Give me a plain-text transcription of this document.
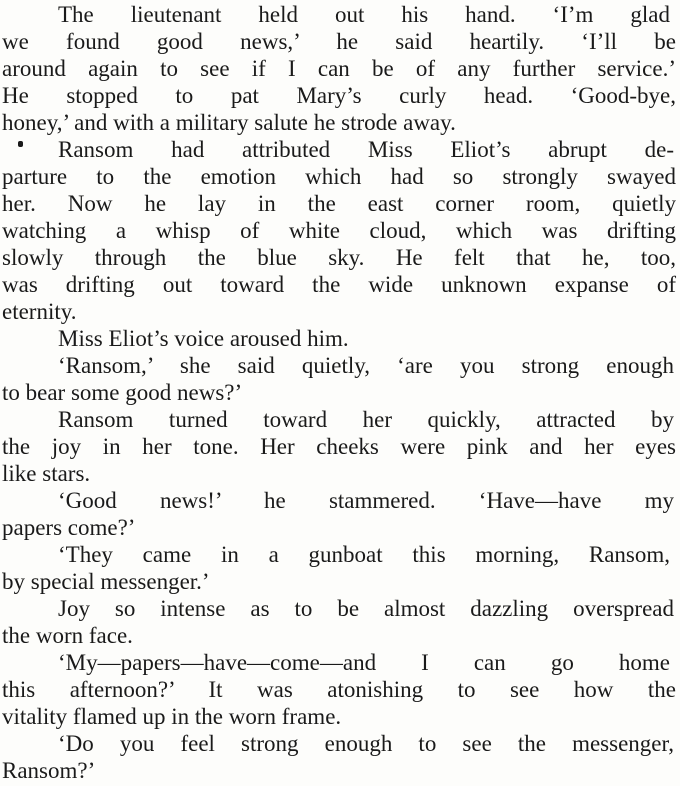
The lieutenant held out his hand. ‘I’m glad
we found good news,’ he said heartily. ‘I’ll be
around again to see if I can be of any further service.’
He stopped to pat Mary’s curly head. ‘Good-bye,
honey,’ and with a military salute he strode away.
Ransom had attributed Miss Eliot’s abrupt de-
parture to the emotion which had so strongly swayed
her. Now he lay in the east corner room, quietly
watching a whisp of white cloud, which was drifting
slowly through the blue sky. He felt that he, too,
was drifting out toward the wide unknown expanse of
eternity.
Miss Eliot’s voice aroused him.
‘Ransom,’ she said quietly, ‘are you strong enough
to bear some good news?’
Ransom turned toward her quickly, attracted by
the joy in her tone. Her cheeks were pink and her eyes
like stars.
‘Good news!’ he stammered. ‘Have—have my
papers come?’
‘They came in a gunboat this morning, Ransom,
by special messenger.’
Joy so intense as to be almost dazzling overspread
the worn face.
‘My—papers—have—come—and I can go home
this afternoon?’ It was atonishing to see how the
vitality flamed up in the worn frame.
‘Do you feel strong enough to see the messenger,
Ransom?’
